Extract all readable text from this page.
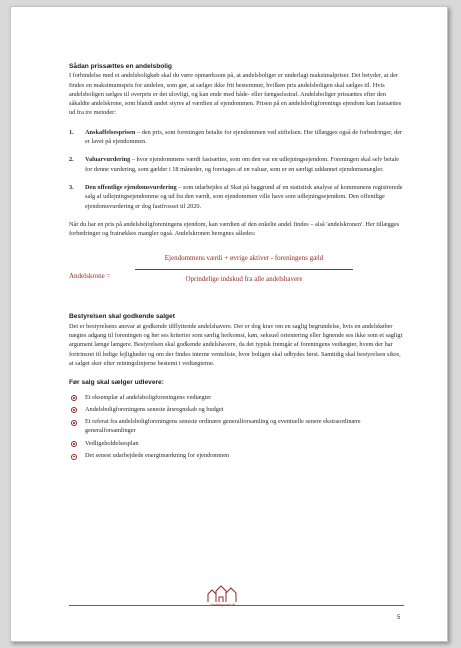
Sådan prissættes en andelsbolig

I forbindelse med et andelsboligkøb skal du være opmærksom på, at andelsboliger er underlagt maksimalpriser. Det betyder, at der findes en maksimumspris for andelen, som gør, at sælger ikke frit bestemmer, hvilken pris andelsboligen skal sælges til. Hvis andelsboligen sælges til overpris er det ulovligt, og kan ende med både- eller fængselsstraf. Andelsboliger prissættes efter den såkaldte andelskrone, som blandt andet styres af værdien af ejendommen. Prisen på en andelsboligforenings ejendom kan fastsættes ud fra tre metoder:

1. Anskaffelsesprisen – den pris, som foreningen betalte for ejendommen ved stiftelsen. Her tillægges også de forbedringer, der er lavet på ejendommen.
2. Valuarvurdering – hvor ejendommens værdi fastsættes, som om den var en udlejningsejendom. Foreningen skal selv betale for denne vurdering, som gælder i 18 måneder, og foretages af en valuar, som er en særligt uddannet ejendomsmægler.
3. Den offentlige ejendomsvurdering – som udarbejdes af Skat på baggrund af en statistisk analyse af kommunens registrerede salg af udlejningsejendomme og ud fra den værdi, som ejendommen ville have som udlejningsejendom. Den offentlige ejendomsvurdering er dog fastfrosset til 2020.

Når du har en pris på andelsboligforeningens ejendom, kan værdien af den enkelte andel findes – alså 'andelskronen'. Her tillægges forbedringer og fratrækkes mangler også. Andelskronen beregnes således:

Andelskrone =
Ejendommens værdi + øvrige aktiver - foreningens gæld
Oprindelige indskud fra alle andelshavere

Bestyrelsen skal godkende salget

Det er bestyrelsens ansvar at godkende tilflyttende andelshavere. Der er dog krav om en saglig begrundelse, hvis en andelskøber nægtes adgang til foreningen og her ses kriterier som særlig herkomst, køn, seksuel orientering eller lignende ses ikke som et sagligt argument længe længere. Bestyrelsen skal godkende andelshavere, da det typisk fremgår af foreningens vedtægter, hvem der har fortrinsret til ledige lejligheder og om der findes interne venteliste, hvor boligen skal udbydes først. Samtidig skal bestyrelsen sikre, at salget sker efter retningslinjerne bestemt i vedtægterne.

Før salg skal sælger udlevere:

Et eksemplar af andelsboligforeningens vedtægter
Andelsboligforeningens seneste årsregnskab og budget
Et referat fra andelsboligforeningens seneste ordinære generalforsamling og eventuelle senere ekstraordinære generalforsamlinger
Vedligeholdelsesplan
Det senest udarbejdede energimærkning for ejendommen
Andelsportal.dk
5
